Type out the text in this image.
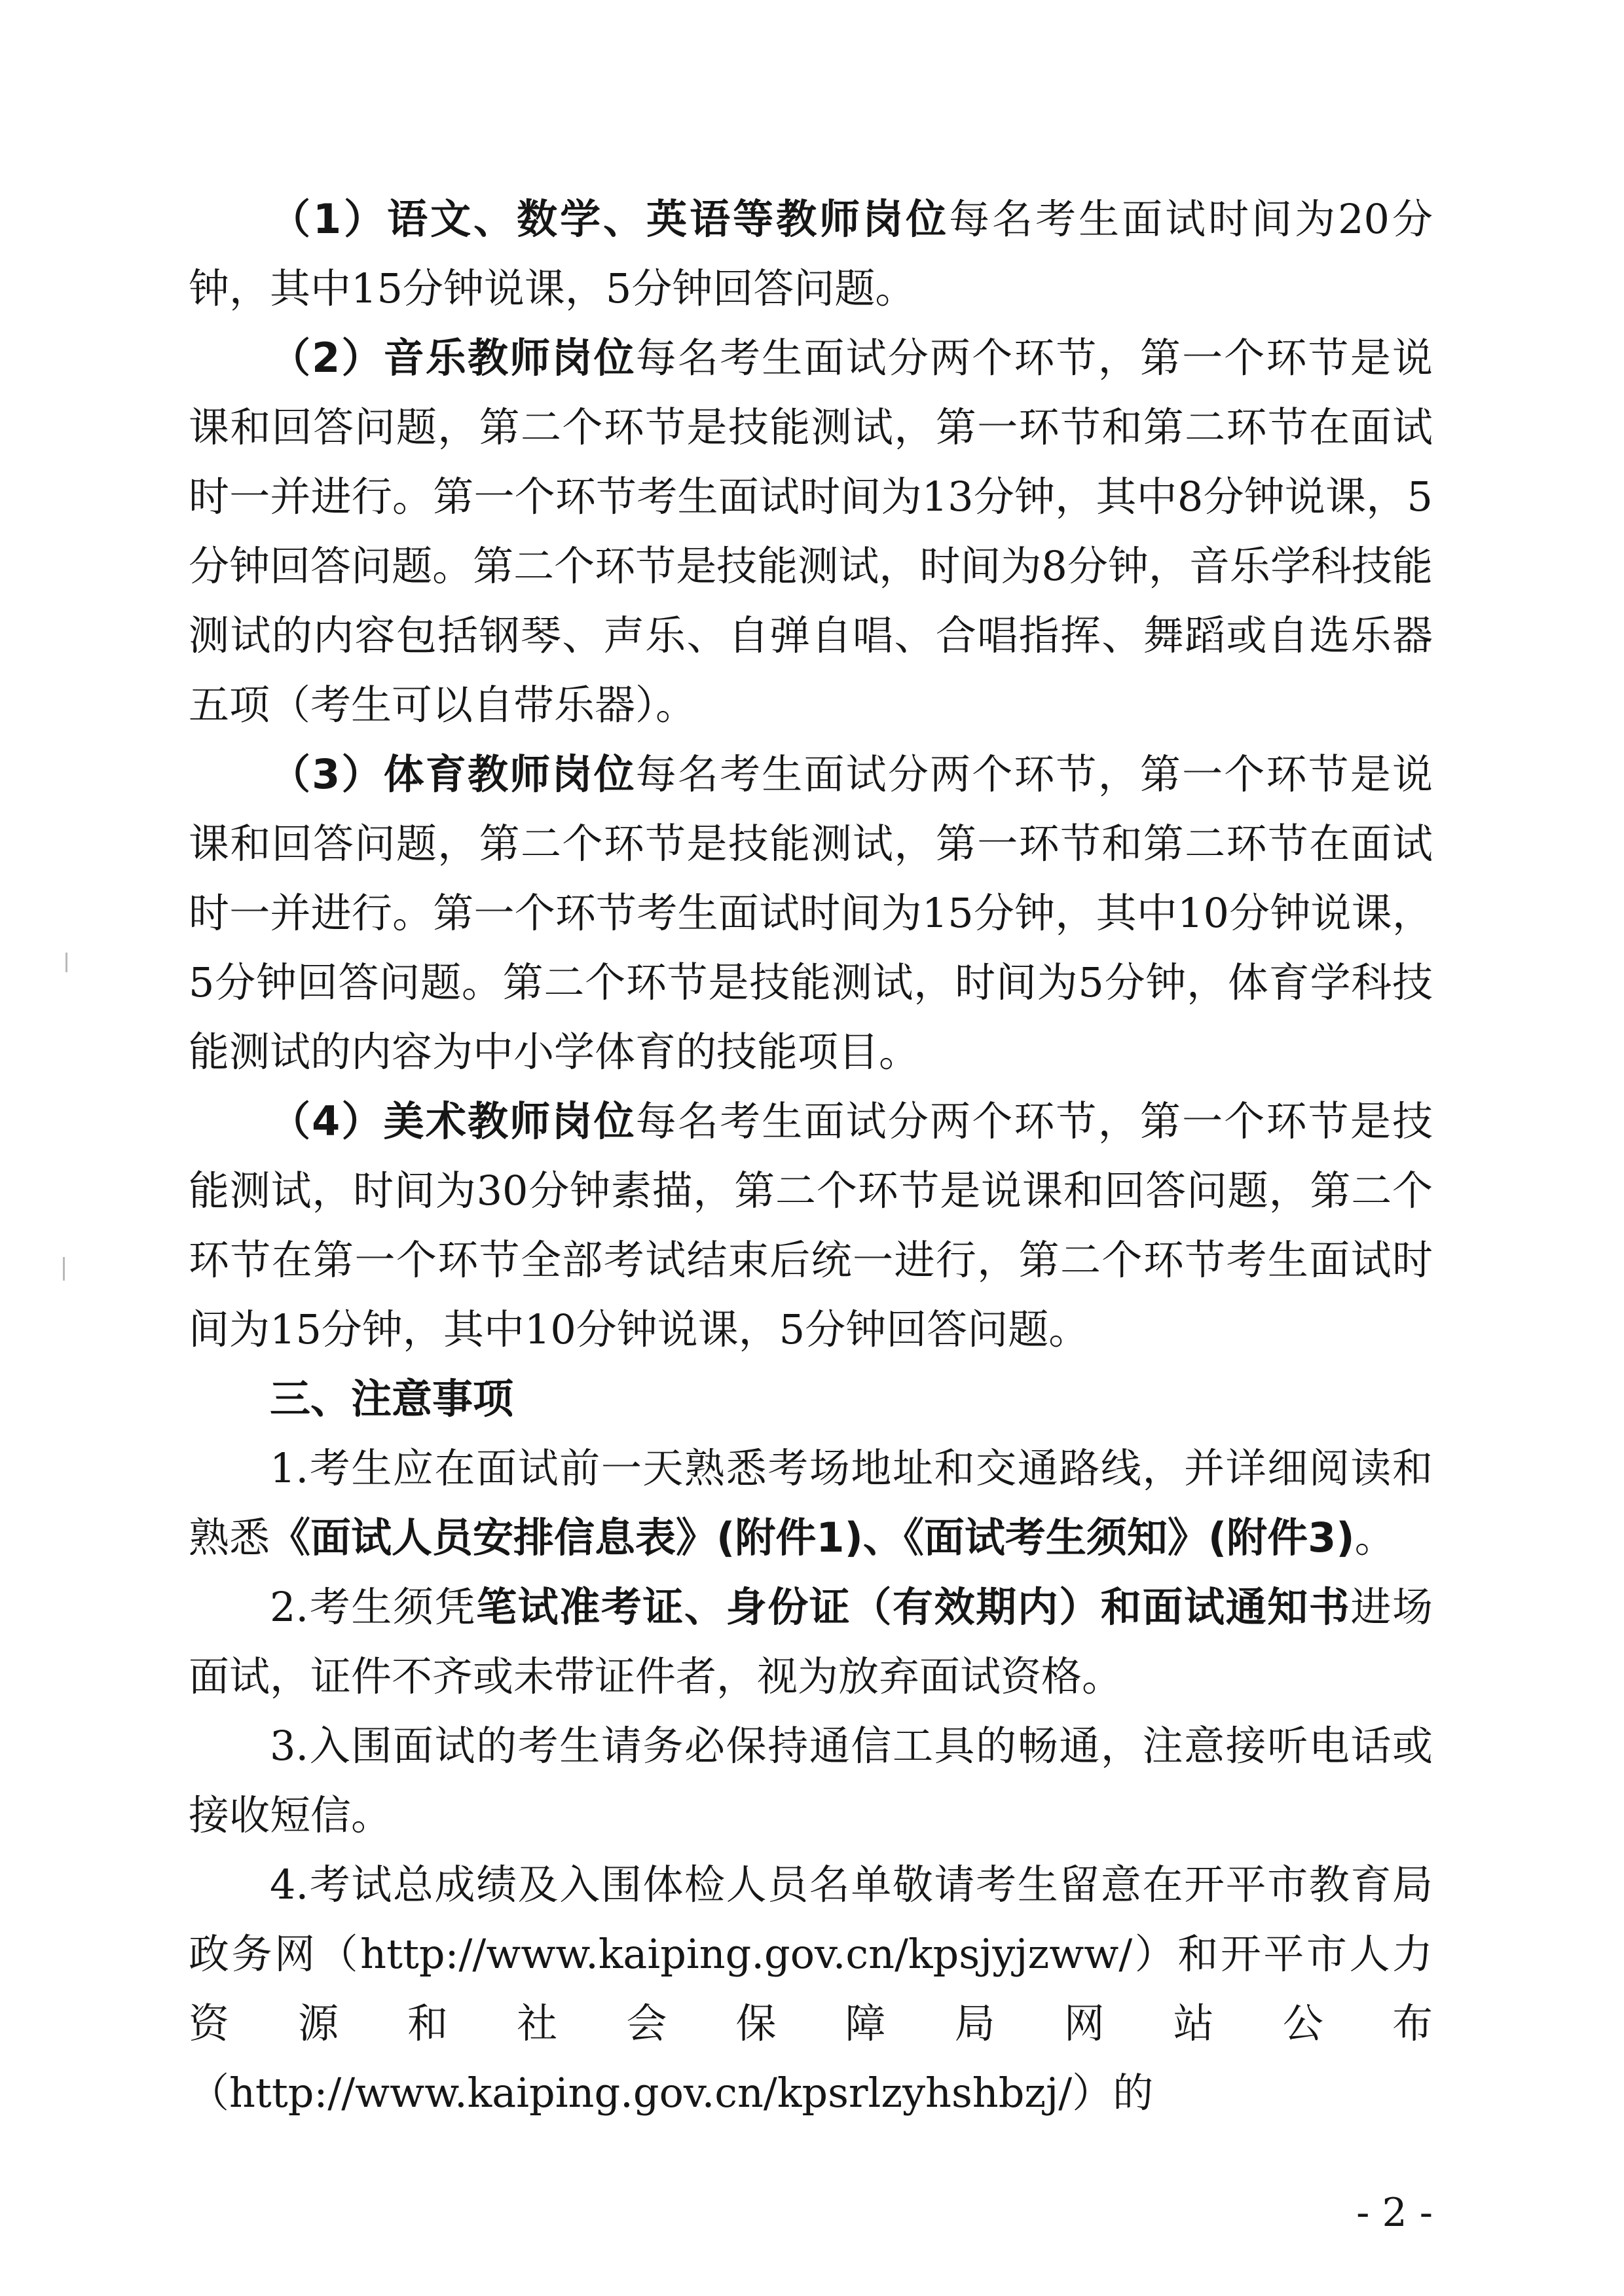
（1）语文、数学、英语等教师岗位每名考生面试时间为20分钟，其中15分钟说课，5分钟回答问题。

（2）音乐教师岗位每名考生面试分两个环节，第一个环节是说课和回答问题，第二个环节是技能测试，第一环节和第二环节在面试时一并进行。第一个环节考生面试时间为13分钟，其中8分钟说课，5分钟回答问题。第二个环节是技能测试，时间为8分钟，音乐学科技能测试的内容包括钢琴、声乐、自弹自唱、合唱指挥、舞蹈或自选乐器五项（考生可以自带乐器）。

（3）体育教师岗位每名考生面试分两个环节，第一个环节是说课和回答问题，第二个环节是技能测试，第一环节和第二环节在面试时一并进行。第一个环节考生面试时间为15分钟，其中10分钟说课，5分钟回答问题。第二个环节是技能测试，时间为5分钟，体育学科技能测试的内容为中小学体育的技能项目。

（4）美术教师岗位每名考生面试分两个环节，第一个环节是技能测试，时间为30分钟素描，第二个环节是说课和回答问题，第二个环节在第一个环节全部考试结束后统一进行，第二个环节考生面试时间为15分钟，其中10分钟说课，5分钟回答问题。

三、注意事项

1.考生应在面试前一天熟悉考场地址和交通路线，并详细阅读和熟悉《面试人员安排信息表》(附件1)、《面试考生须知》(附件3)。

2.考生须凭笔试准考证、身份证（有效期内）和面试通知书进场面试，证件不齐或未带证件者，视为放弃面试资格。

3.入围面试的考生请务必保持通信工具的畅通，注意接听电话或接收短信。

4.考试总成绩及入围体检人员名单敬请考生留意在开平市教育局政务网（http://www.kaiping.gov.cn/kpsjyjzww/）和开平市人力资源和社会保障局网站公布（http://www.kaiping.gov.cn/kpsrlzyhshbzj/）的

- 2 -
